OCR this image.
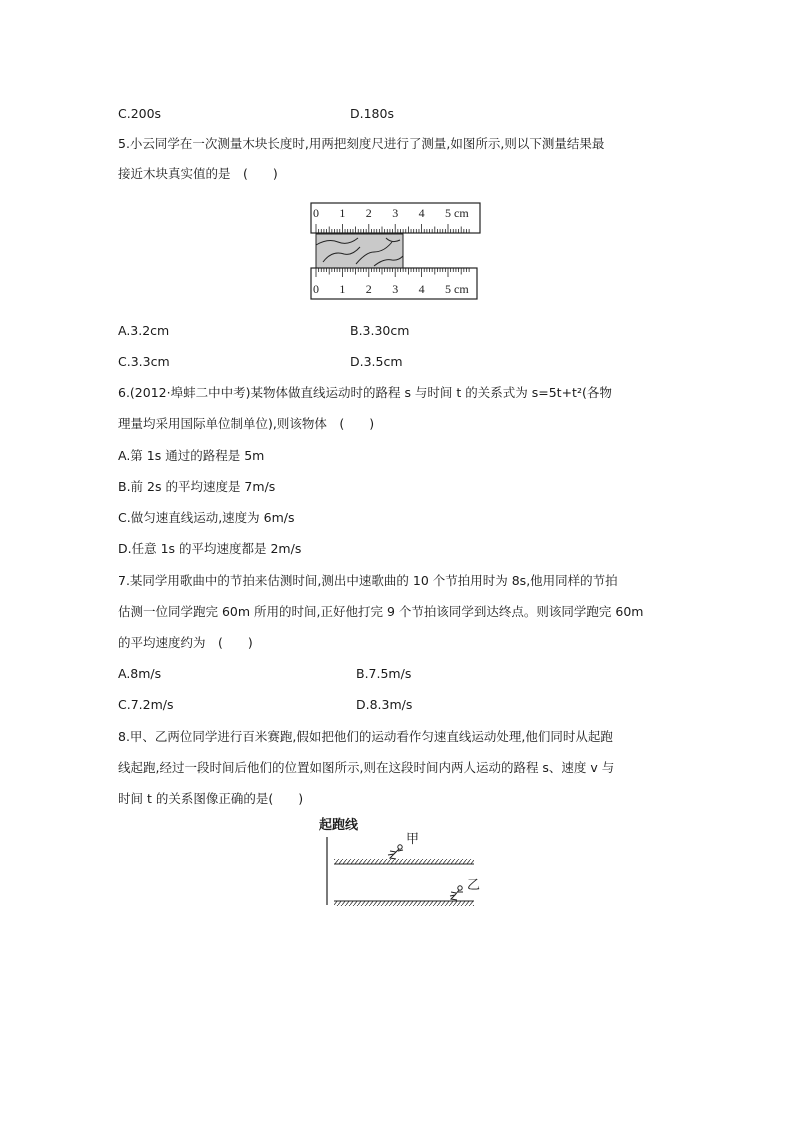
C.200s	D.180s
5.小云同学在一次测量木块长度时,用两把刻度尺进行了测量,如图所示,则以下测量结果最
接近木块真实值的是　(　　)
0 1 2 3 4 5 cm
0 1 2 3 4 5 cm
A.3.2cm	B.3.30cm
C.3.3cm	D.3.5cm
6.(2012·埠蚌二中中考)某物体做直线运动时的路程 s 与时间 t 的关系式为 s=5t+t²(各物
理量均采用国际单位制单位),则该物体　(　　)
A.第 1s 通过的路程是 5m
B.前 2s 的平均速度是 7m/s
C.做匀速直线运动,速度为 6m/s
D.任意 1s 的平均速度都是 2m/s
7.某同学用歌曲中的节拍来估测时间,测出中速歌曲的 10 个节拍用时为 8s,他用同样的节拍
估测一位同学跑完 60m 所用的时间,正好他打完 9 个节拍该同学到达终点。则该同学跑完 60m
的平均速度约为　(　　)
A.8m/s	B.7.5m/s
C.7.2m/s	D.8.3m/s
8.甲、乙两位同学进行百米赛跑,假如把他们的运动看作匀速直线运动处理,他们同时从起跑
线起跑,经过一段时间后他们的位置如图所示,则在这段时间内两人运动的路程 s、速度 v 与
时间 t 的关系图像正确的是(　　)
起跑线
甲
乙
